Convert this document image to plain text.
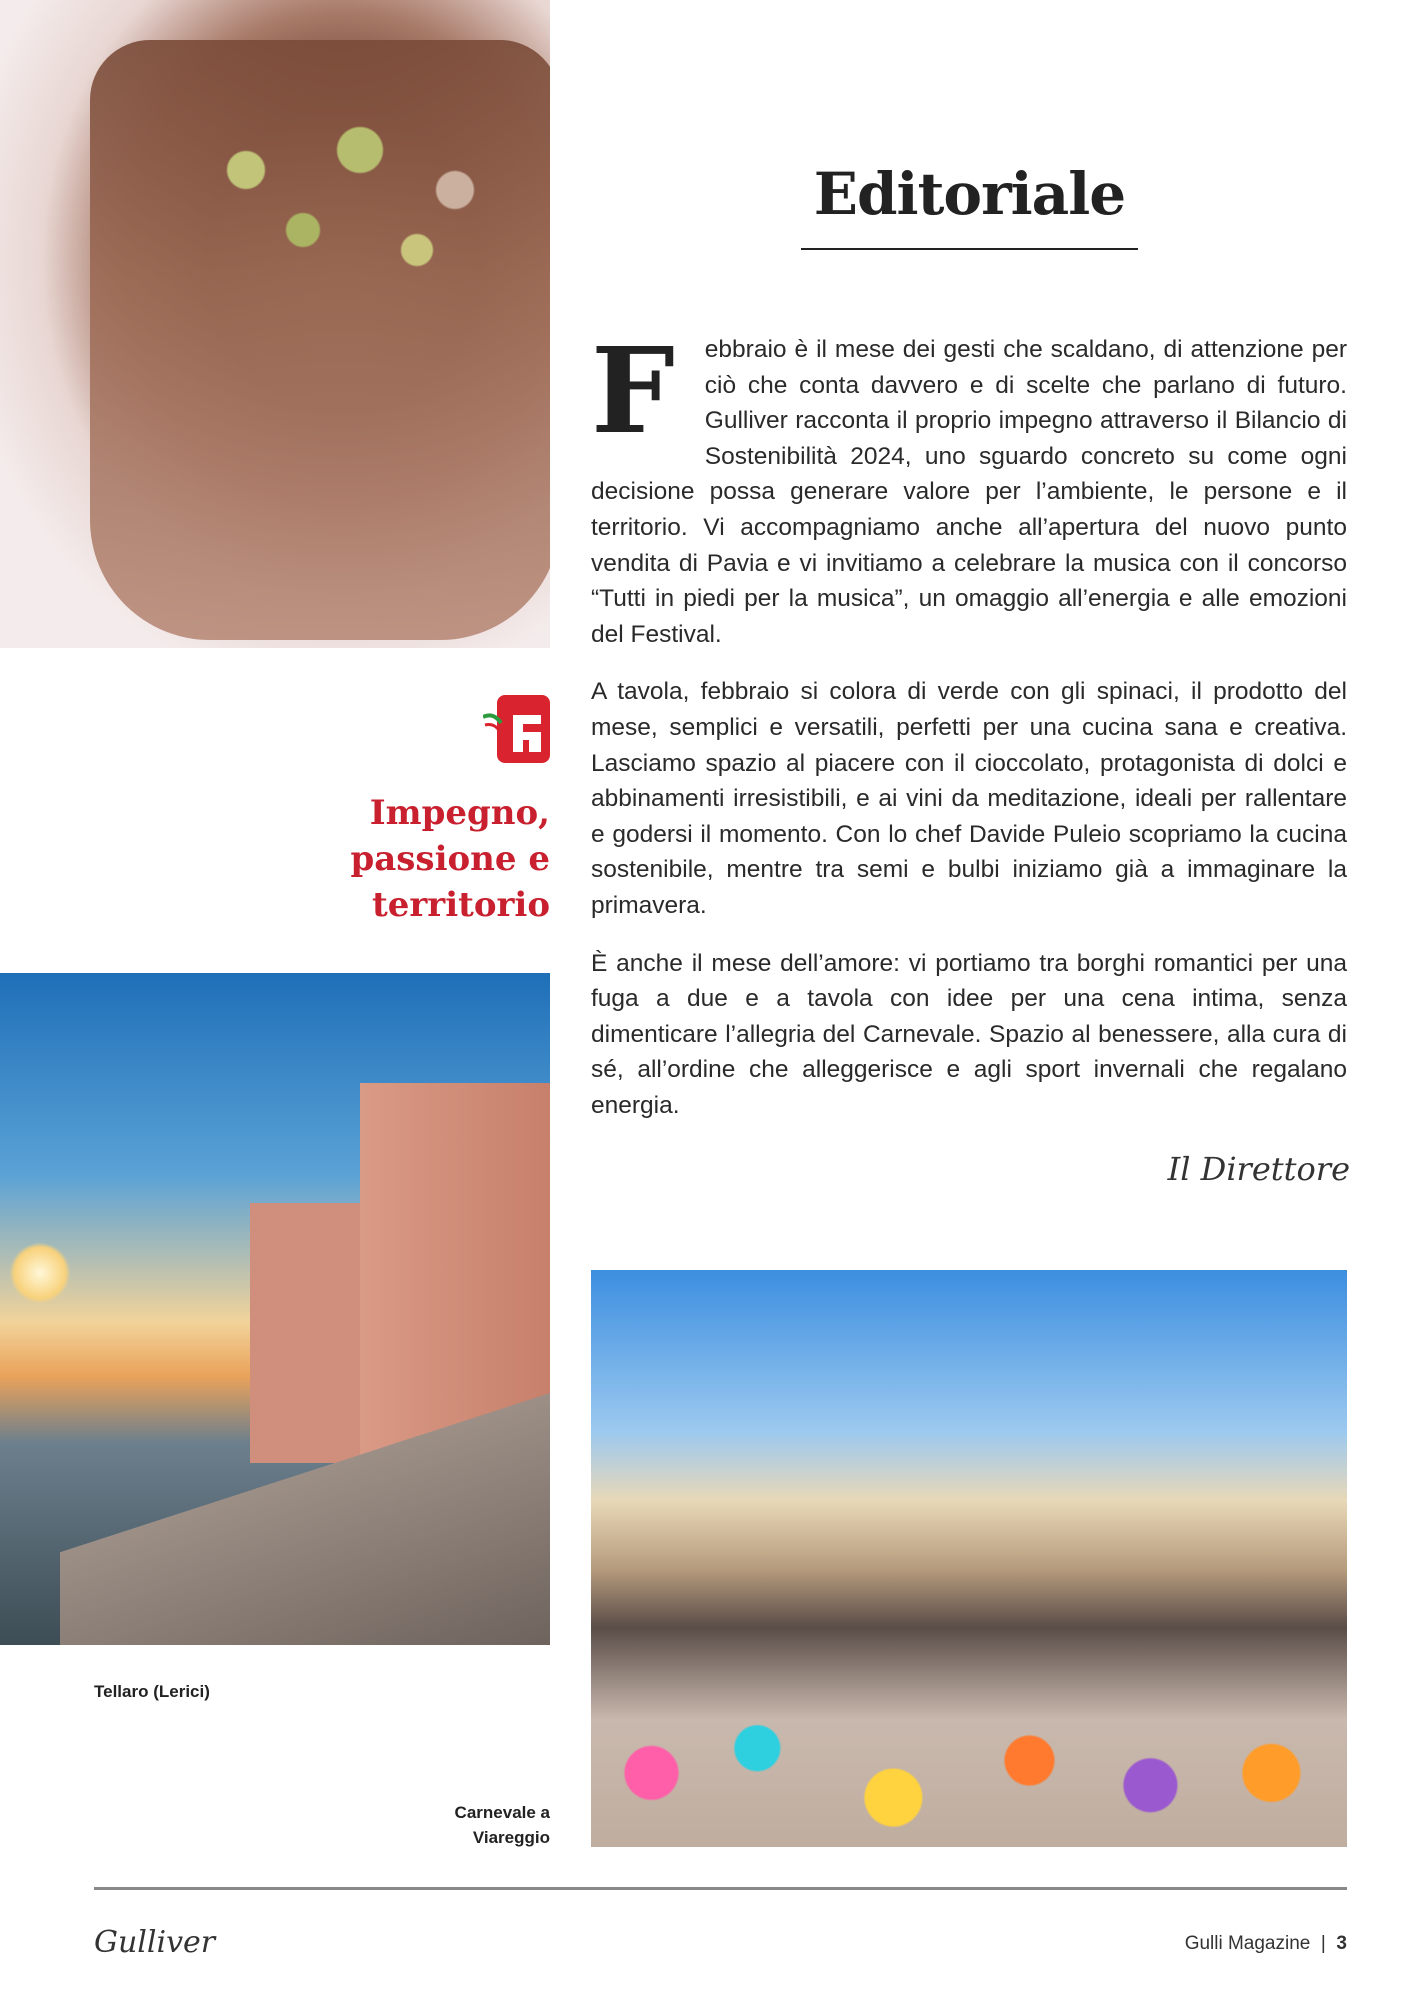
Editoriale

F ebbraio è il mese dei gesti che scaldano, di attenzione per ciò che conta davvero e di scelte che parlano di futuro. Gulliver racconta il proprio impegno attraverso il Bilancio di Sostenibilità 2024, uno sguardo concreto su come ogni decisione possa generare valore per l’ambiente, le persone e il territorio. Vi accompagniamo anche all’apertura del nuovo punto vendita di Pavia e vi invitiamo a celebrare la musica con il concorso “Tutti in piedi per la musica”, un omaggio all’energia e alle emozioni del Festival.

A tavola, febbraio si colora di verde con gli spinaci, il prodotto del mese, semplici e versatili, perfetti per una cucina sana e creativa. Lasciamo spazio al piacere con il cioccolato, protagonista di dolci e abbinamenti irresistibili, e ai vini da meditazione, ideali per rallentare e godersi il momento. Con lo chef Davide Puleio scopriamo la cucina sostenibile, mentre tra semi e bulbi iniziamo già a immaginare la primavera.

È anche il mese dell’amore: vi portiamo tra borghi romantici per una fuga a due e a tavola con idee per una cena intima, senza dimenticare l’allegria del Carnevale. Spazio al benessere, alla cura di sé, all’ordine che alleggerisce e agli sport invernali che regalano energia.

Impegno,
passione e
territorio
Tellaro (Lerici)
Il Direttore
Carnevale a
Viareggio
Gulliver	Gulli Magazine | 3
